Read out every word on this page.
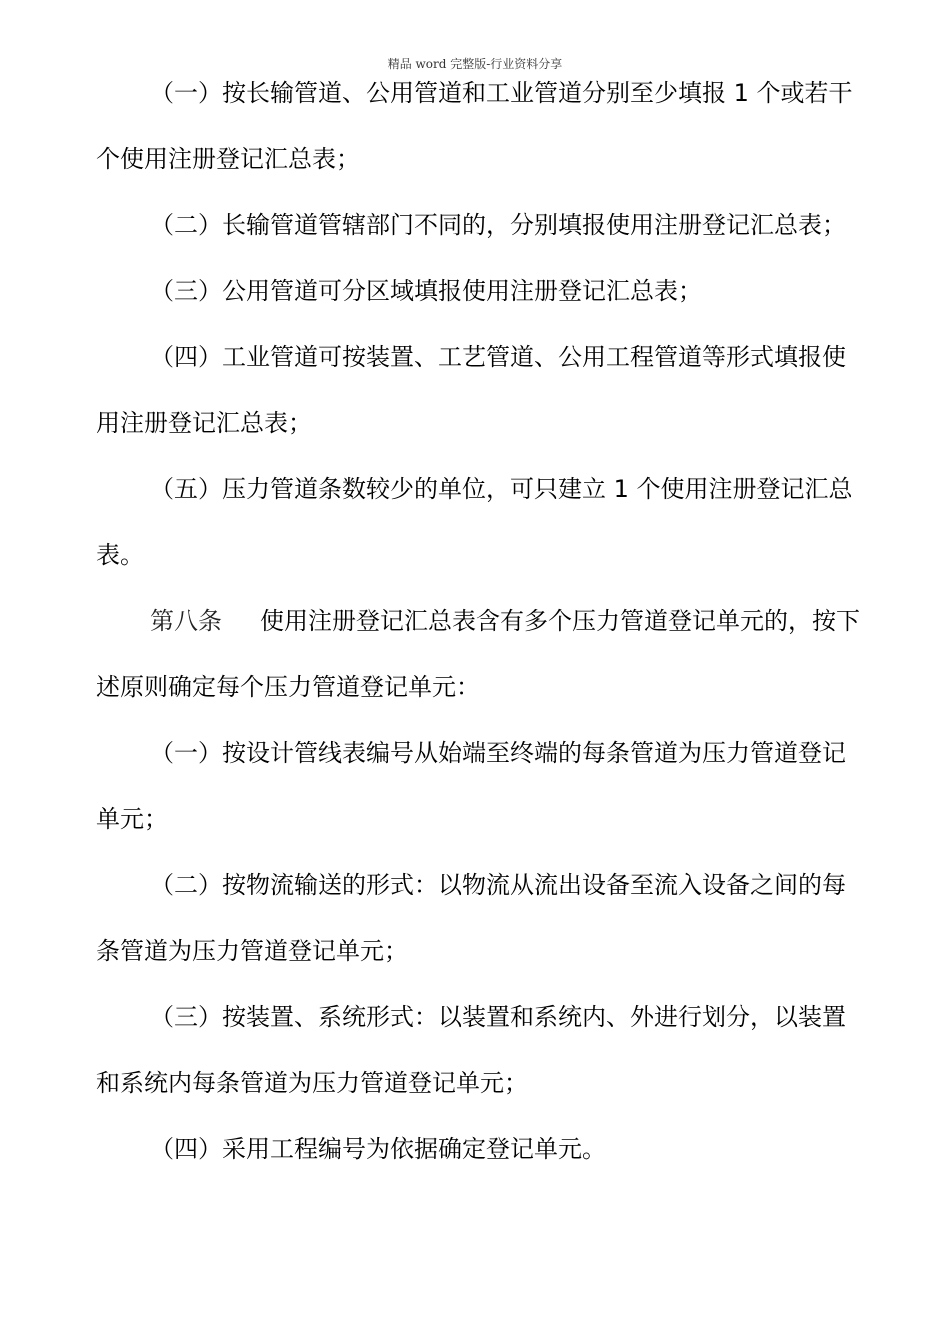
精品 word 完整版-行业资料分享

（一）按长输管道、公用管道和工业管道分别至少填报 1 个或若干个使用注册登记汇总表；

（二）长输管道管辖部门不同的，分别填报使用注册登记汇总表；

（三）公用管道可分区域填报使用注册登记汇总表；

（四）工业管道可按装置、工艺管道、公用工程管道等形式填报使用注册登记汇总表；

（五）压力管道条数较少的单位，可只建立 1 个使用注册登记汇总表。

第八条 使用注册登记汇总表含有多个压力管道登记单元的，按下述原则确定每个压力管道登记单元：

（一）按设计管线表编号从始端至终端的每条管道为压力管道登记单元；

（二）按物流输送的形式：以物流从流出设备至流入设备之间的每条管道为压力管道登记单元；

（三）按装置、系统形式：以装置和系统内、外进行划分，以装置和系统内每条管道为压力管道登记单元；

（四）采用工程编号为依据确定登记单元。
